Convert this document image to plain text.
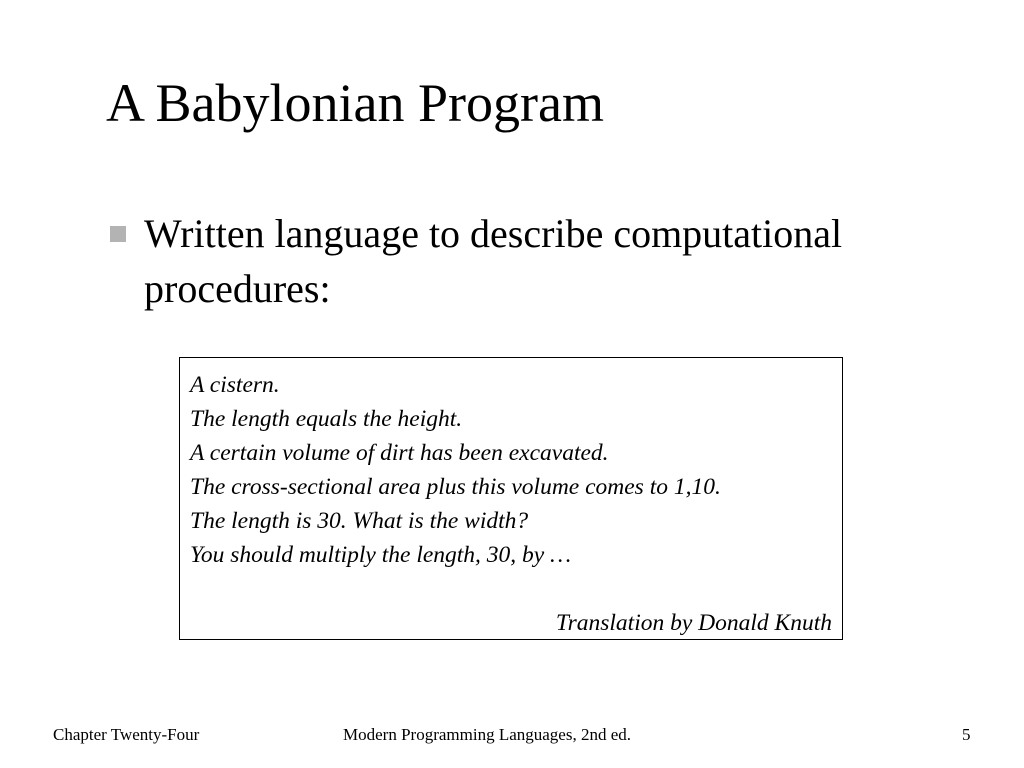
A Babylonian Program
Written language to describe computational
procedures:
A cistern.
The length equals the height.
A certain volume of dirt has been excavated.
The cross-sectional area plus this volume comes to 1,10.
The length is 30. What is the width?
You should multiply the length, 30, by …
Translation by Donald Knuth
Chapter Twenty-Four	Modern Programming Languages, 2nd ed.	5
